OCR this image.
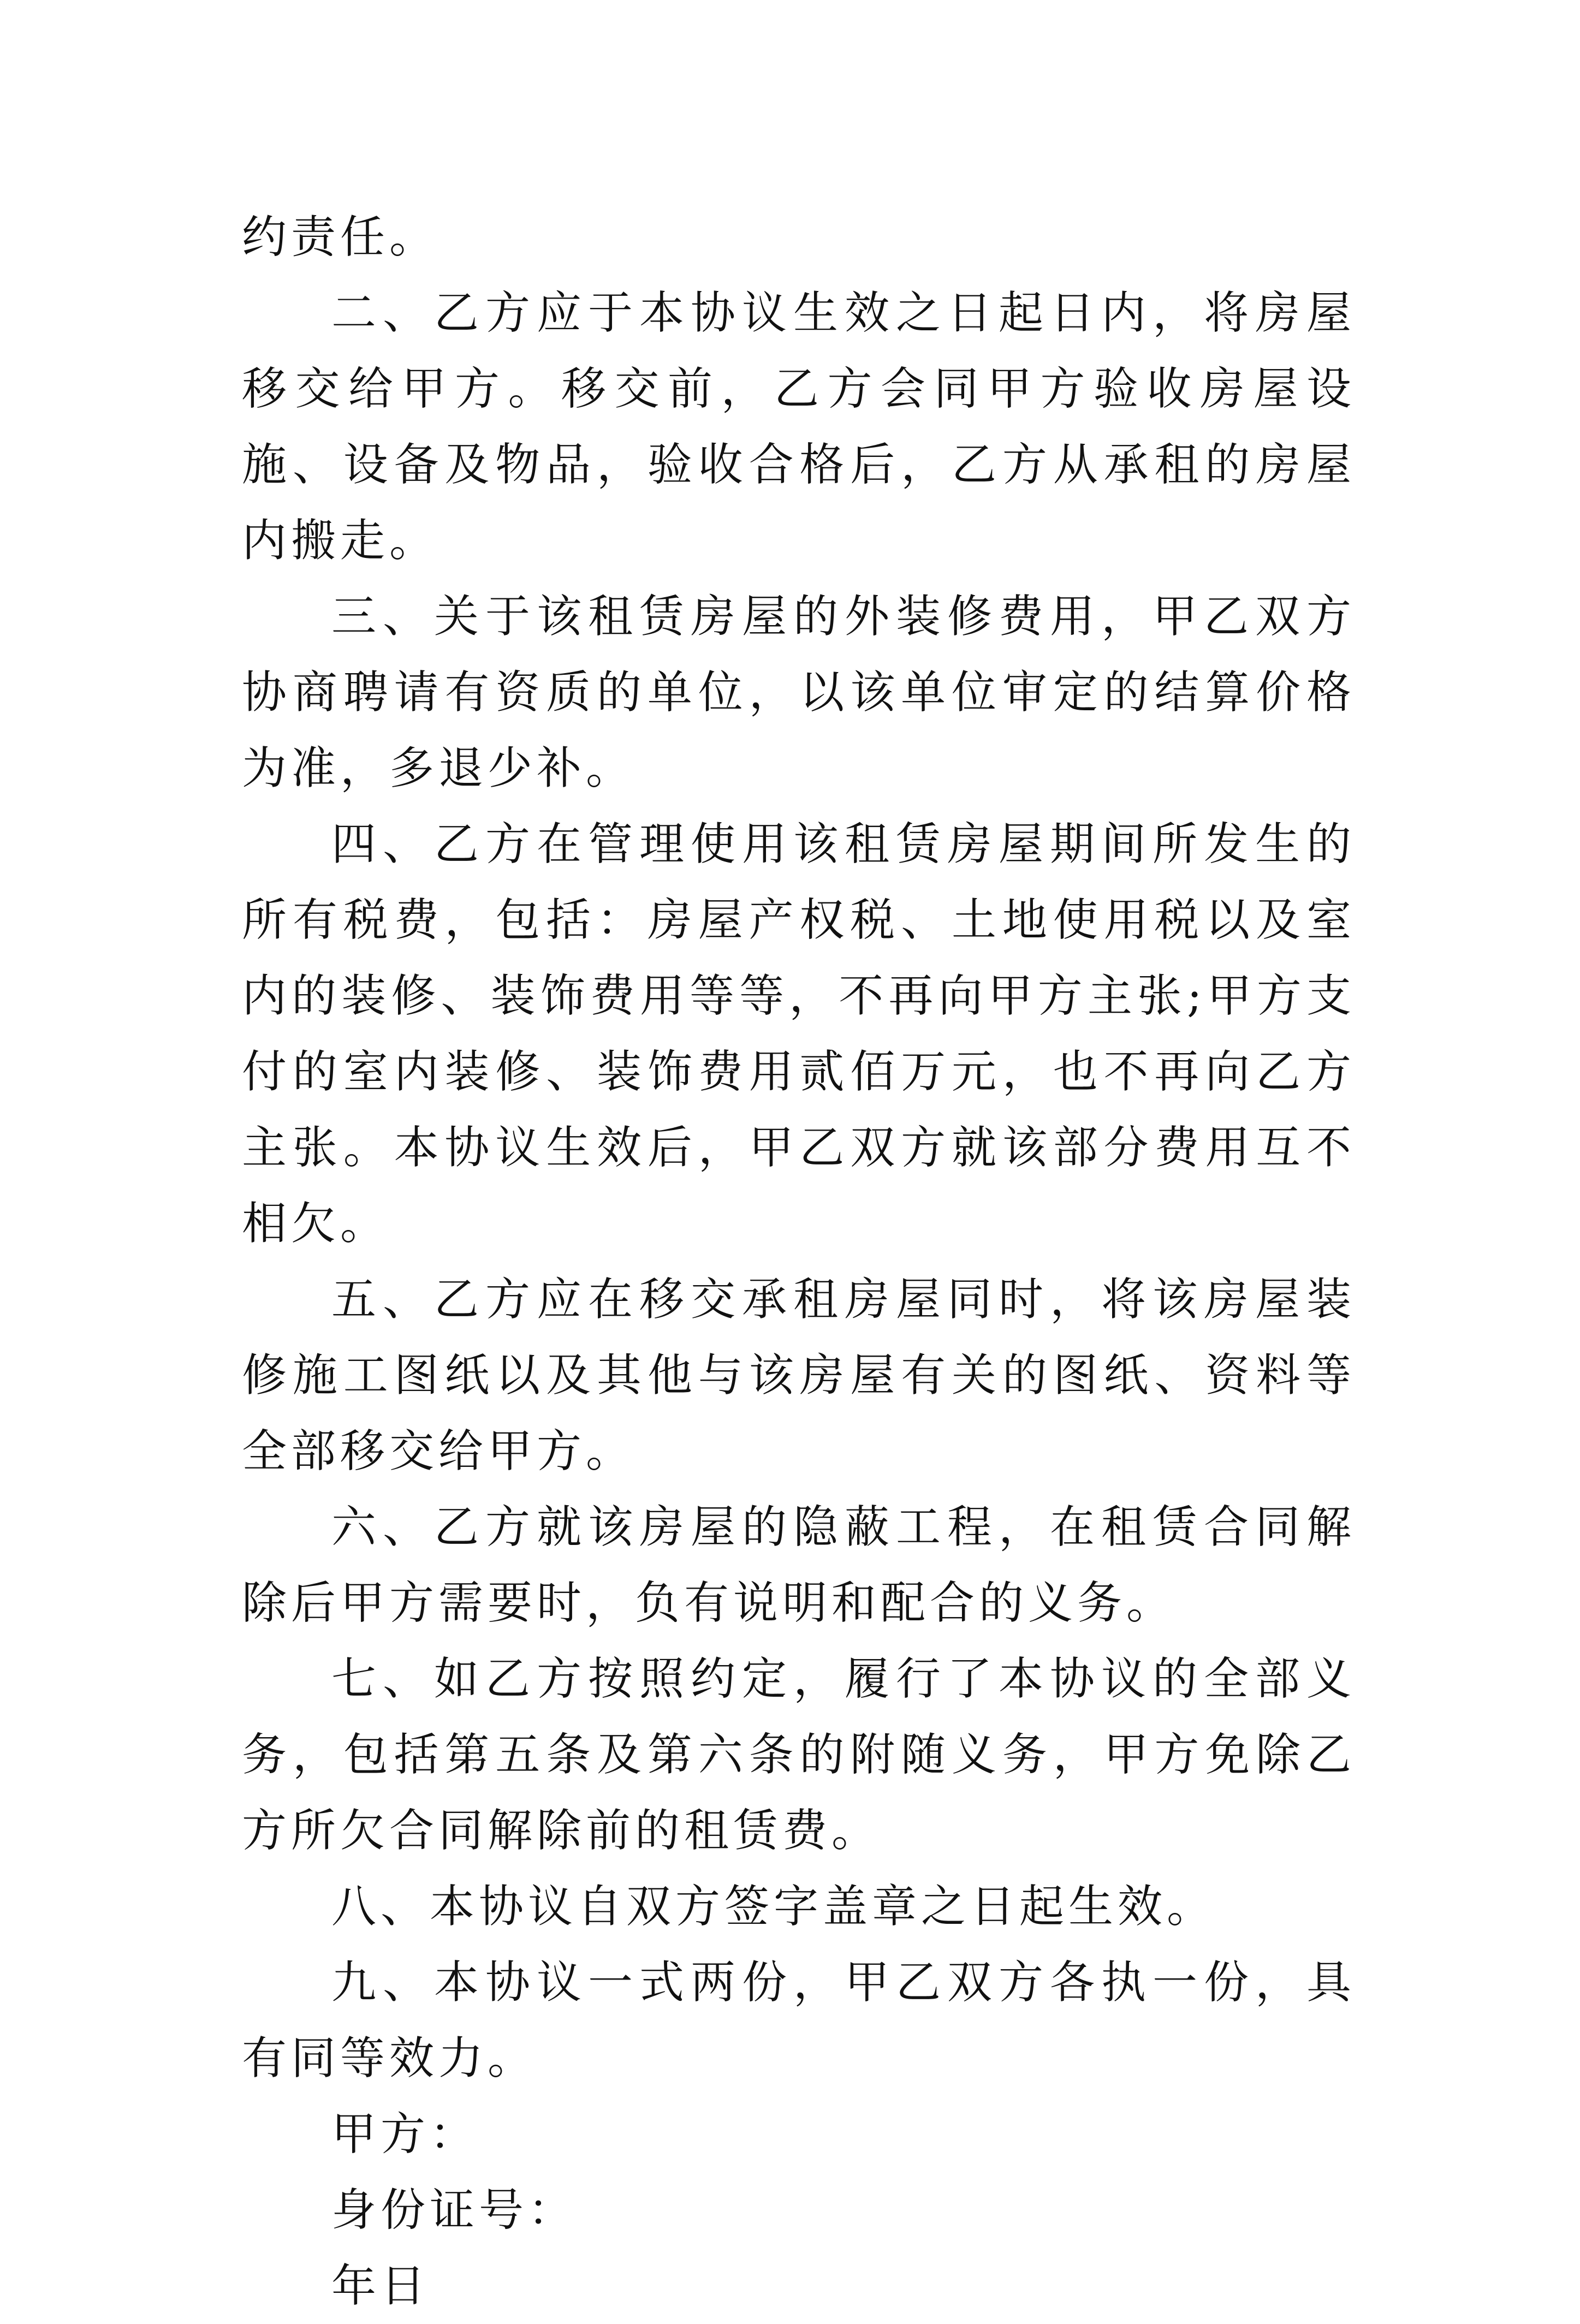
约责任。

二、乙方应于本协议生效之日起日内，将房屋移交给甲方。移交前，乙方会同甲方验收房屋设施、设备及物品，验收合格后，乙方从承租的房屋内搬走。

三、关于该租赁房屋的外装修费用，甲乙双方协商聘请有资质的单位，以该单位审定的结算价格为准，多退少补。

四、乙方在管理使用该租赁房屋期间所发生的所有税费，包括：房屋产权税、土地使用税以及室内的装修、装饰费用等等，不再向甲方主张;甲方支付的室内装修、装饰费用贰佰万元，也不再向乙方主张。本协议生效后，甲乙双方就该部分费用互不相欠。

五、乙方应在移交承租房屋同时，将该房屋装修施工图纸以及其他与该房屋有关的图纸、资料等全部移交给甲方。

六、乙方就该房屋的隐蔽工程，在租赁合同解除后甲方需要时，负有说明和配合的义务。

七、如乙方按照约定，履行了本协议的全部义务，包括第五条及第六条的附随义务，甲方免除乙方所欠合同解除前的租赁费。

八、本协议自双方签字盖章之日起生效。

九、本协议一式两份，甲乙双方各执一份，具有同等效力。

甲方：

身份证号：

年日
